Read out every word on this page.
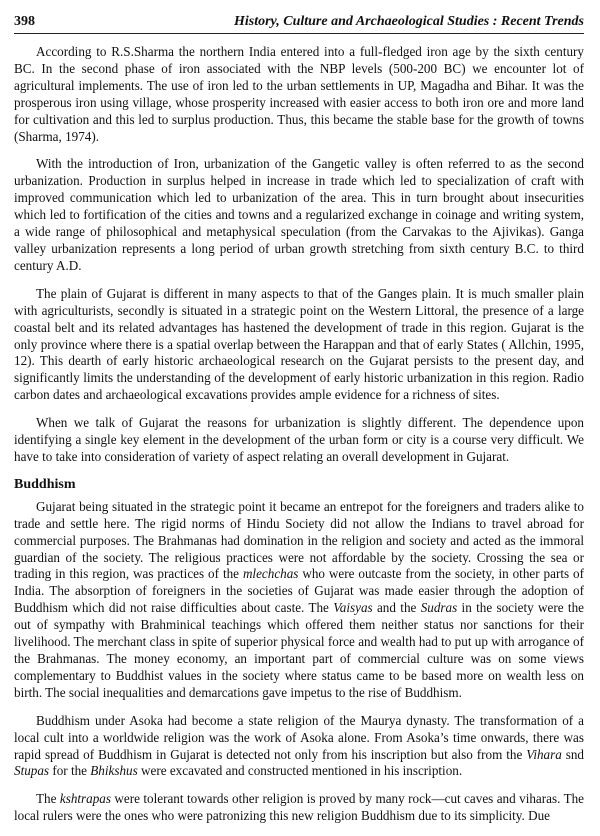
398	History, Culture and Archaeological Studies : Recent Trends

According to R.S.Sharma the northern India entered into a full-fledged iron age by the sixth century BC. In the second phase of iron associated with the NBP levels (500-200 BC) we encounter lot of agricultural implements. The use of iron led to the urban settlements in UP, Magadha and Bihar. It was the prosperous iron using village, whose prosperity increased with easier access to both iron ore and more land for cultivation and this led to surplus production. Thus, this became the stable base for the growth of towns (Sharma, 1974).

With the introduction of Iron, urbanization of the Gangetic valley is often referred to as the second urbanization. Production in surplus helped in increase in trade which led to specialization of craft with improved communication which led to urbanization of the area. This in turn brought about insecurities which led to fortification of the cities and towns and a regularized exchange in coinage and writing system, a wide range of philosophical and metaphysical speculation (from the Carvakas to the Ajivikas). Ganga valley urbanization represents a long period of urban growth stretching from sixth century B.C. to third century A.D.

The plain of Gujarat is different in many aspects to that of the Ganges plain. It is much smaller plain with agriculturists, secondly is situated in a strategic point on the Western Littoral, the presence of a large coastal belt and its related advantages has hastened the development of trade in this region. Gujarat is the only province where there is a spatial overlap between the Harappan and that of early States ( Allchin, 1995, 12). This dearth of early historic archaeological research on the Gujarat persists to the present day, and significantly limits the understanding of the development of early historic urbanization in this region. Radio carbon dates and archaeological excavations provides ample evidence for a richness of sites.

When we talk of Gujarat the reasons for urbanization is slightly different. The dependence upon identifying a single key element in the development of the urban form or city is a course very difficult. We have to take into consideration of variety of aspect relating an overall development in Gujarat.

Buddhism

Gujarat being situated in the strategic point it became an entrepot for the foreigners and traders alike to trade and settle here. The rigid norms of Hindu Society did not allow the Indians to travel abroad for commercial purposes. The Brahmanas had domination in the religion and society and acted as the immoral guardian of the society. The religious practices were not affordable by the society. Crossing the sea or trading in this region, was practices of the mlechchas who were outcaste from the society, in other parts of India. The absorption of foreigners in the societies of Gujarat was made easier through the adoption of Buddhism which did not raise difficulties about caste. The Vaisyas and the Sudras in the society were the out of sympathy with Brahminical teachings which offered them neither status nor sanctions for their livelihood. The merchant class in spite of superior physical force and wealth had to put up with arrogance of the Brahmanas. The money economy, an important part of commercial culture was on some views complementary to Buddhist values in the society where status came to be based more on wealth less on birth. The social inequalities and demarcations gave impetus to the rise of Buddhism.

Buddhism under Asoka had become a state religion of the Maurya dynasty. The transformation of a local cult into a worldwide religion was the work of Asoka alone. From Asoka’s time onwards, there was rapid spread of Buddhism in Gujarat is detected not only from his inscription but also from the Vihara snd Stupas for the Bhikshus were excavated and constructed mentioned in his inscription.

The kshtrapas were tolerant towards other religion is proved by many rock—cut caves and viharas. The local rulers were the ones who were patronizing this new religion Buddhism due to its simplicity. Due
